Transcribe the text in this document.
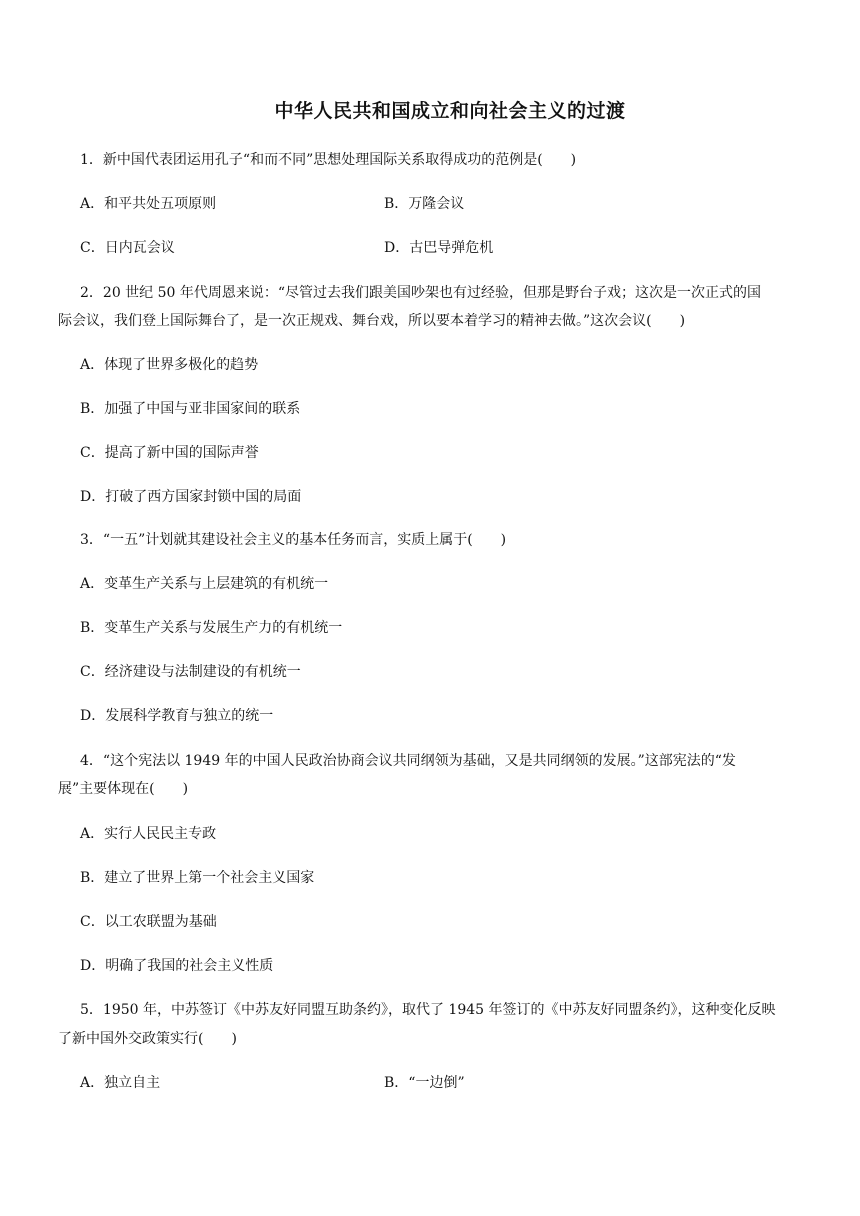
中华人民共和国成立和向社会主义的过渡
1．新中国代表团运用孔子“和而不同”思想处理国际关系取得成功的范例是(　　)
A．和平共处五项原则	B．万隆会议
C．日内瓦会议	D．古巴导弹危机
2．20 世纪 50 年代周恩来说：“尽管过去我们跟美国吵架也有过经验，但那是野台子戏；这次是一次正式的国
际会议，我们登上国际舞台了，是一次正规戏、舞台戏，所以要本着学习的精神去做。”这次会议(　　)
A．体现了世界多极化的趋势
B．加强了中国与亚非国家间的联系
C．提高了新中国的国际声誉
D．打破了西方国家封锁中国的局面
3．“一五”计划就其建设社会主义的基本任务而言，实质上属于(　　)
A．变革生产关系与上层建筑的有机统一
B．变革生产关系与发展生产力的有机统一
C．经济建设与法制建设的有机统一
D．发展科学教育与独立的统一
4．“这个宪法以 1949 年的中国人民政治协商会议共同纲领为基础，又是共同纲领的发展。”这部宪法的“发
展”主要体现在(　　)
A．实行人民民主专政
B．建立了世界上第一个社会主义国家
C．以工农联盟为基础
D．明确了我国的社会主义性质
5．1950 年，中苏签订《中苏友好同盟互助条约》，取代了 1945 年签订的《中苏友好同盟条约》，这种变化反映
了新中国外交政策实行(　　)
A．独立自主	B．“一边倒”
